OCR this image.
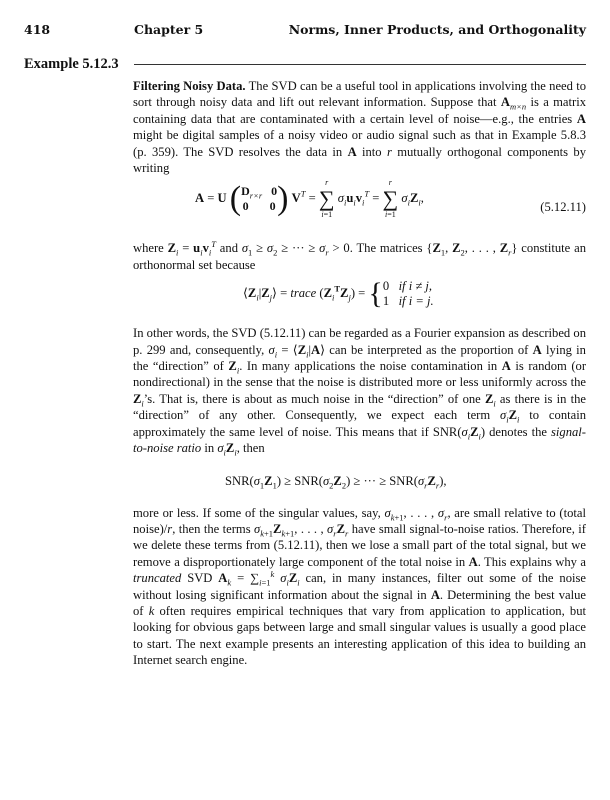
418	Chapter 5	Norms, Inner Products, and Orthogonality
Example 5.12.3

Filtering Noisy Data. The SVD can be a useful tool in applications involving the need to sort through noisy data and lift out relevant information. Suppose that $A_{m\times n}$ is a matrix containing data that are contaminated with a certain level of noise—e.g., the entries A might be digital samples of a noisy video or audio signal such as that in Example 5.8.3 (p. 359). The SVD resolves the data in A into r mutually orthogonal components by writing

A = U ($D_{r\times r}$ 0
0 0) $V^T$ =
r
∑
i=1
$\sigma_iu_iv_i^T$ =
r
∑
i=1
$\sigma_iZ_i$,
(5.12.11)

where $Z_i = u_iv_i^T$ and $\sigma_1 \ge \sigma_2$ ≥ ··· ≥ $\sigma_r > 0$. The matrices {$Z_1$, $Z_2$, . . . , $Z_r$} constitute an orthonormal set because

$⟨Z_i|Z_j⟩$ = trace $(Z_i^TZ_j) = \{0$ if i ≠ j,
1 if i = j.

In other words, the SVD (5.12.11) can be regarded as a Fourier expansion as described on p. 299 and, consequently, $\sigma_i$ = $⟨Z_i|A⟩$ can be interpreted as the proportion of A lying in the “direction” of $Z_i$. In many applications the noise contamination in A is random (or nondirectional) in the sense that the noise is distributed more or less uniformly across the $Z_i’s$. That is, there is about as much noise in the “direction” of one $Z_i$ as there is in the “direction” of any other. Consequently, we expect each term $\sigma_iZ_i$ to contain approximately the same level of noise. This means that if $SNR(\sigma_iZ_i)$ denotes the signal-to-noise ratio in $\sigma_iZ_i$, then

$SNR(\sigma_1Z_1) \ge SNR(\sigma_2Z_2)$ ≥ ··· ≥ $SNR(\sigma_rZ_r)$,

more or less. If some of the singular values, say, $\sigma_{k+1}$, . . . , $\sigma_r$, are small relative to (total noise)/r, then the terms $\sigma_{k+1}Z_{k+1}$, . . . , $\sigma_rZ_r$ have small signal-to-noise ratios. Therefore, if we delete these terms from (5.12.11), then we lose a small part of the total signal, but we remove a disproportionately large component of the total noise in A. This explains why a truncated SVD $A_k = \sum_{i=1}^k$ $\sigma_iZ_i$ can, in many instances, filter out some of the noise without losing significant information about the signal in A. Determining the best value of k often requires empirical techniques that vary from application to application, but looking for obvious gaps between large and small singular values is usually a good place to start. The next example presents an interesting application of this idea to building an Internet search engine.
